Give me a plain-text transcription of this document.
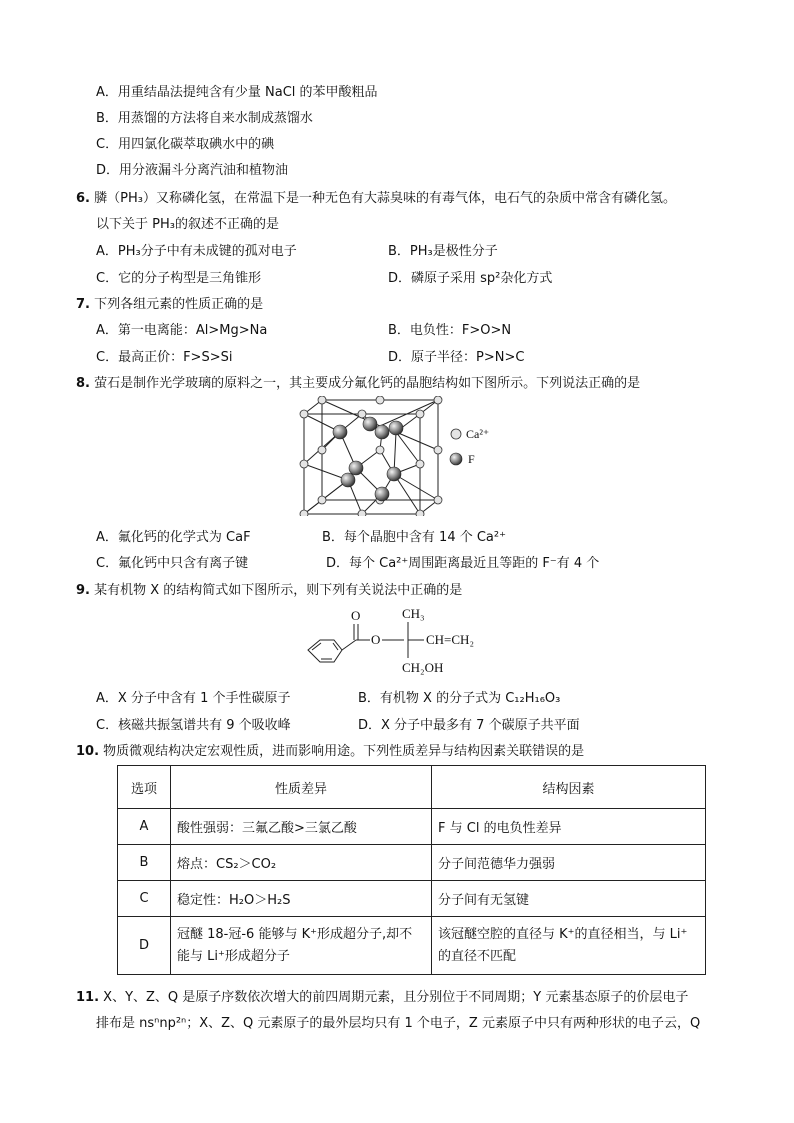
A．用重结晶法提纯含有少量 NaCl 的苯甲酸粗品
B．用蒸馏的方法将自来水制成蒸馏水
C．用四氯化碳萃取碘水中的碘
D．用分液漏斗分离汽油和植物油
6. 膦（PH₃）又称磷化氢，在常温下是一种无色有大蒜臭味的有毒气体，电石气的杂质中常含有磷化氢。
以下关于 PH₃的叙述不正确的是
A．PH₃分子中有未成键的孤对电子	B．PH₃是极性分子
C．它的分子构型是三角锥形	D．磷原子采用 sp²杂化方式
7. 下列各组元素的性质正确的是
A．第一电离能：Al>Mg>Na	B．电负性：F>O>N
C．最高正价：F>S>Si	D．原子半径：P>N>C
8. 萤石是制作光学玻璃的原料之一，其主要成分氟化钙的晶胞结构如下图所示。下列说法正确的是
Ca²⁺
F
A．氟化钙的化学式为 CaF	B．每个晶胞中含有 14 个 Ca²⁺
C．氟化钙中只含有离子键	D．每个 Ca²⁺周围距离最近且等距的 F⁻有 4 个
9. 某有机物 X 的结构简式如下图所示，则下列有关说法中正确的是
O
O
CH₃
CH=CH₂
CH₂OH
A．X 分子中含有 1 个手性碳原子	B．有机物 X 的分子式为 C₁₂H₁₆O₃
C．核磁共振氢谱共有 9 个吸收峰	D．X 分子中最多有 7 个碳原子共平面
10. 物质微观结构决定宏观性质，进而影响用途。下列性质差异与结构因素关联错误的是
选项	性质差异	结构因素
A	酸性强弱：三氟乙酸>三氯乙酸	F 与 Cl 的电负性差异
B	熔点：CS₂＞CO₂	分子间范德华力强弱
C	稳定性：H₂O＞H₂S	分子间有无氢键
D	冠醚 18-冠-6 能够与 K⁺形成超分子,却不能与 Li⁺形成超分子	该冠醚空腔的直径与 K⁺的直径相当，与 Li⁺的直径不匹配
11. X、Y、Z、Q 是原子序数依次增大的前四周期元素，且分别位于不同周期；Y 元素基态原子的价层电子
排布是 nsⁿnp²ⁿ；X、Z、Q 元素原子的最外层均只有 1 个电子，Z 元素原子中只有两种形状的电子云，Q
